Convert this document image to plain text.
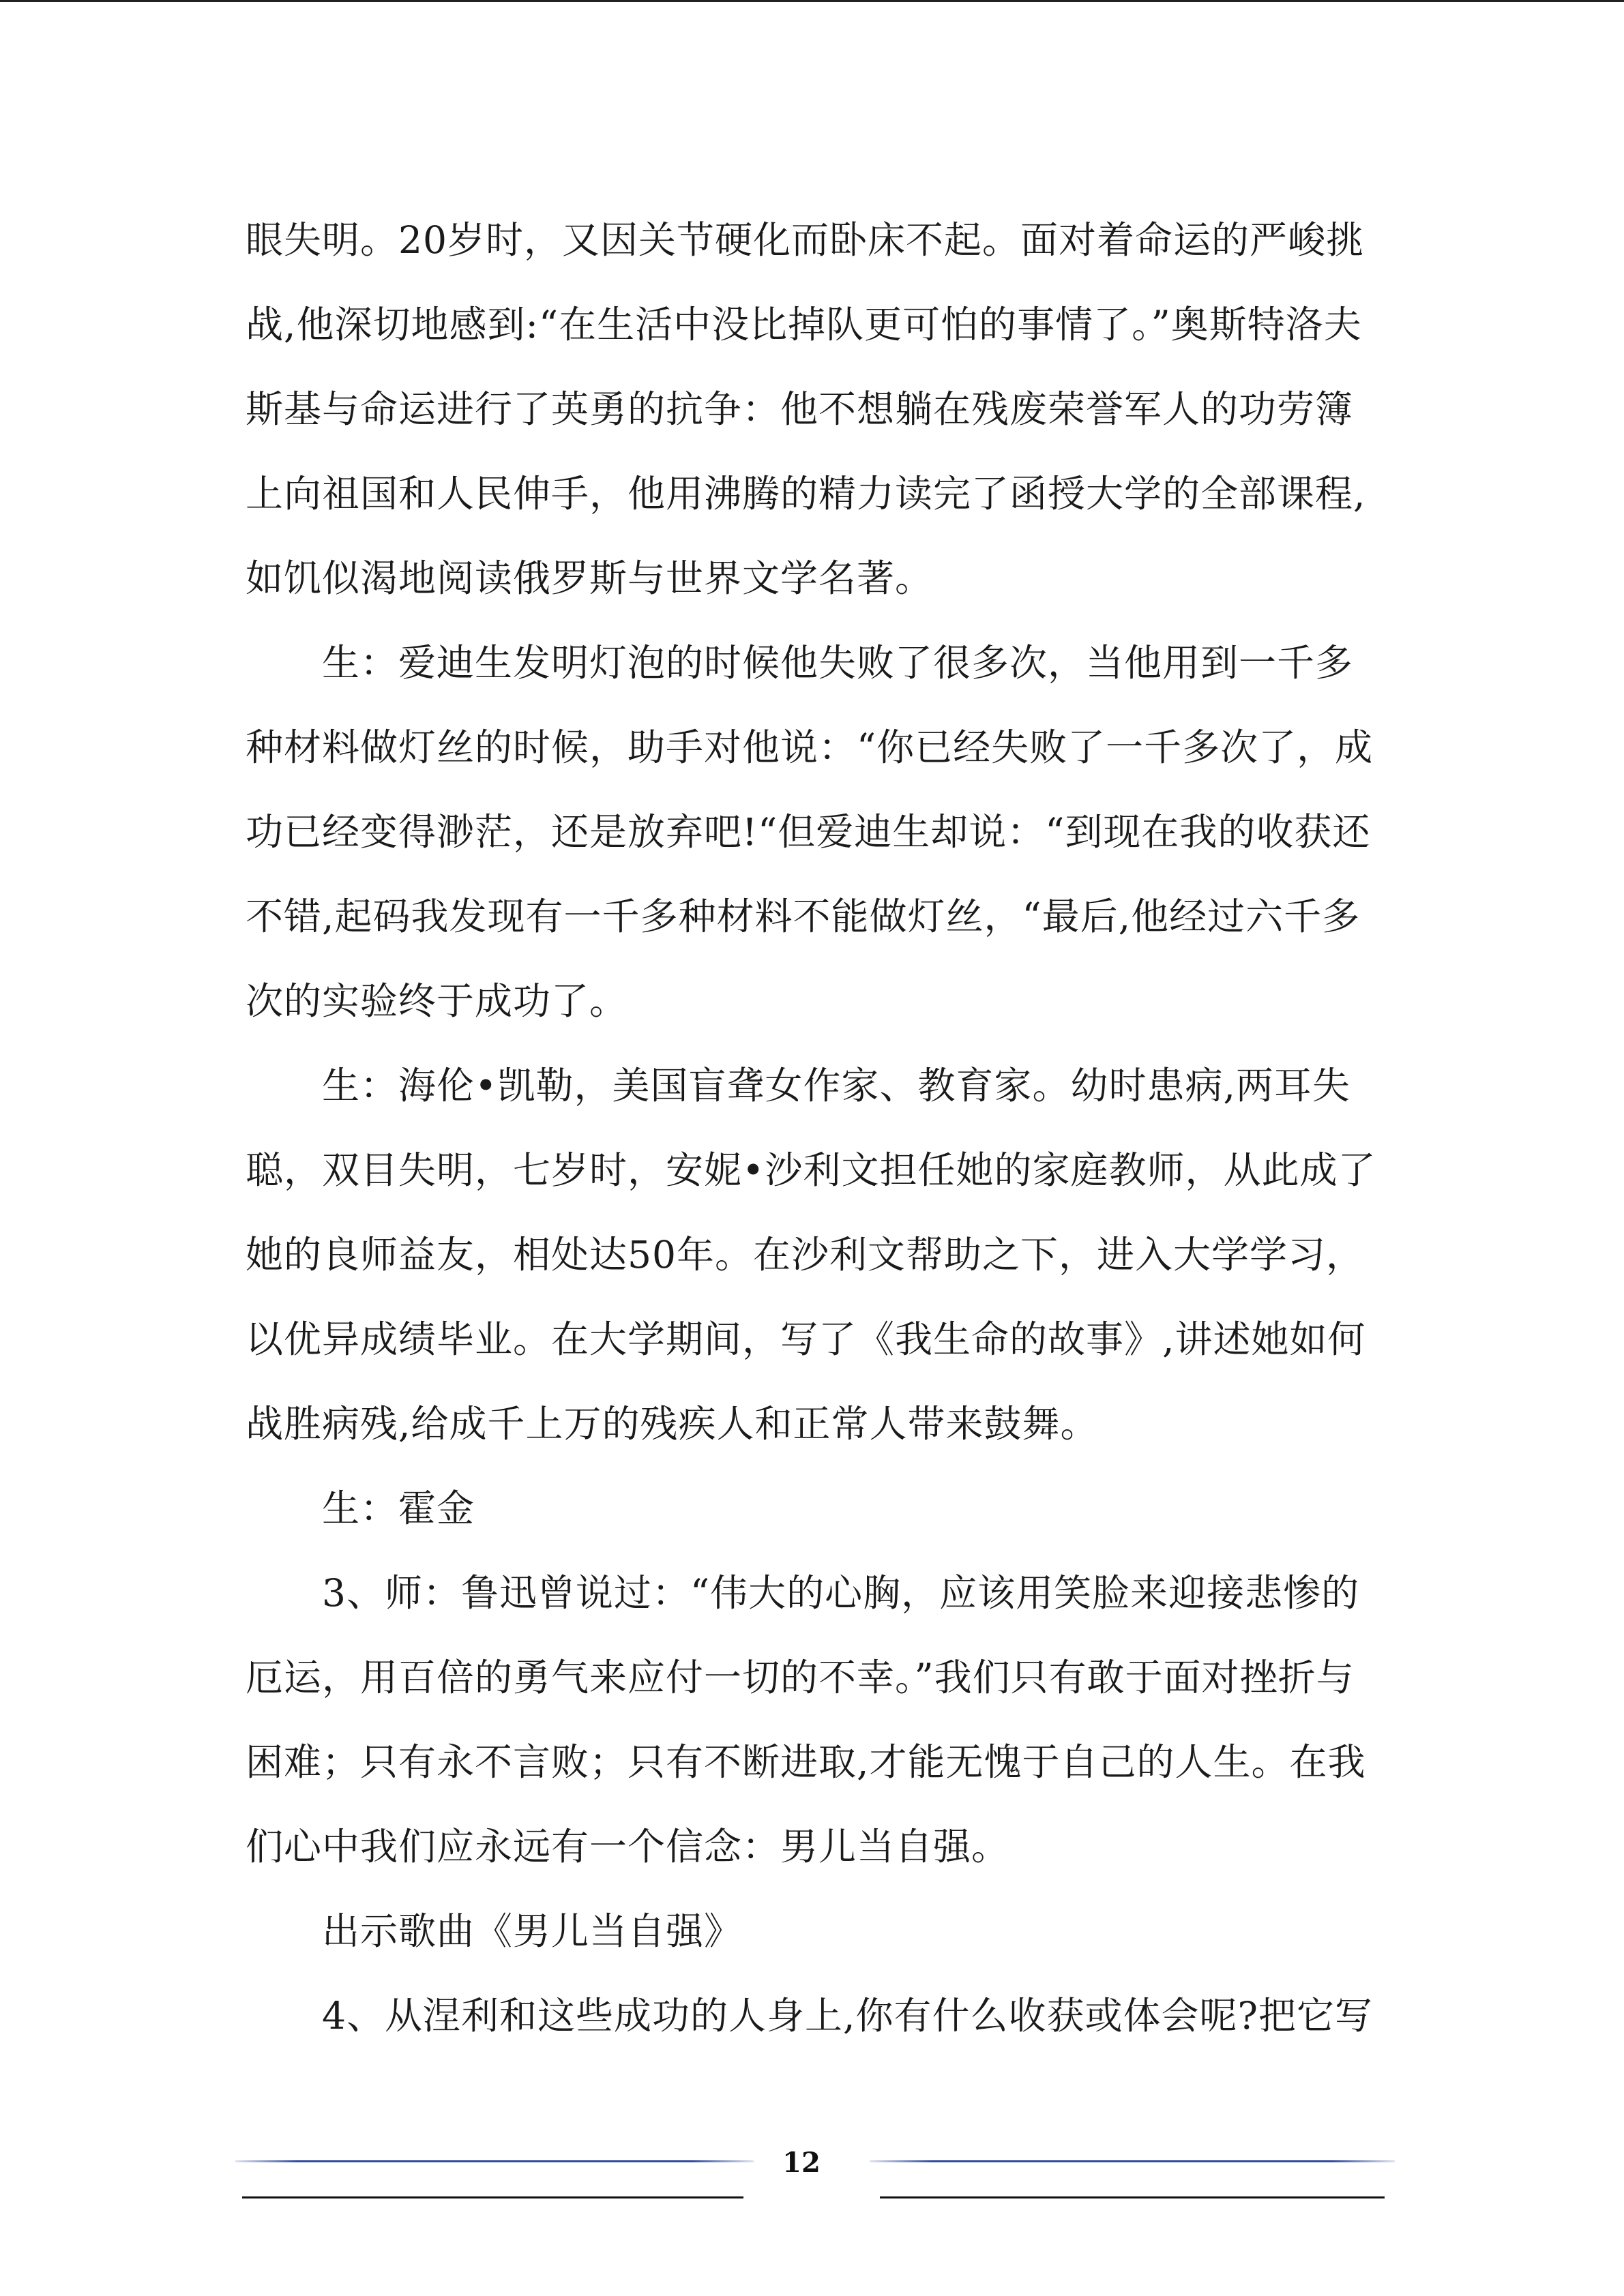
眼失明。20岁时，又因关节硬化而卧床不起。面对着命运的严峻挑战,他深切地感到:“在生活中没比掉队更可怕的事情了。”奥斯特洛夫斯基与命运进行了英勇的抗争：他不想躺在残废荣誉军人的功劳簿上向祖国和人民伸手，他用沸腾的精力读完了函授大学的全部课程,如饥似渴地阅读俄罗斯与世界文学名著。

生：爱迪生发明灯泡的时候他失败了很多次，当他用到一千多种材料做灯丝的时候，助手对他说：“你已经失败了一千多次了，成功已经变得渺茫，还是放弃吧!“但爱迪生却说：“到现在我的收获还不错,起码我发现有一千多种材料不能做灯丝，“最后,他经过六千多次的实验终于成功了。

生：海伦•凯勒，美国盲聋女作家、教育家。幼时患病,两耳失聪，双目失明，七岁时，安妮•沙利文担任她的家庭教师，从此成了她的良师益友，相处达50年。在沙利文帮助之下，进入大学学习，以优异成绩毕业。在大学期间，写了《我生命的故事》,讲述她如何战胜病残,给成千上万的残疾人和正常人带来鼓舞。

生：霍金

3、师：鲁迅曾说过：“伟大的心胸，应该用笑脸来迎接悲惨的厄运，用百倍的勇气来应付一切的不幸。”我们只有敢于面对挫折与困难；只有永不言败；只有不断进取,才能无愧于自己的人生。在我们心中我们应永远有一个信念：男儿当自强。

出示歌曲《男儿当自强》

4、从涅利和这些成功的人身上,你有什么收获或体会呢?把它写

12
